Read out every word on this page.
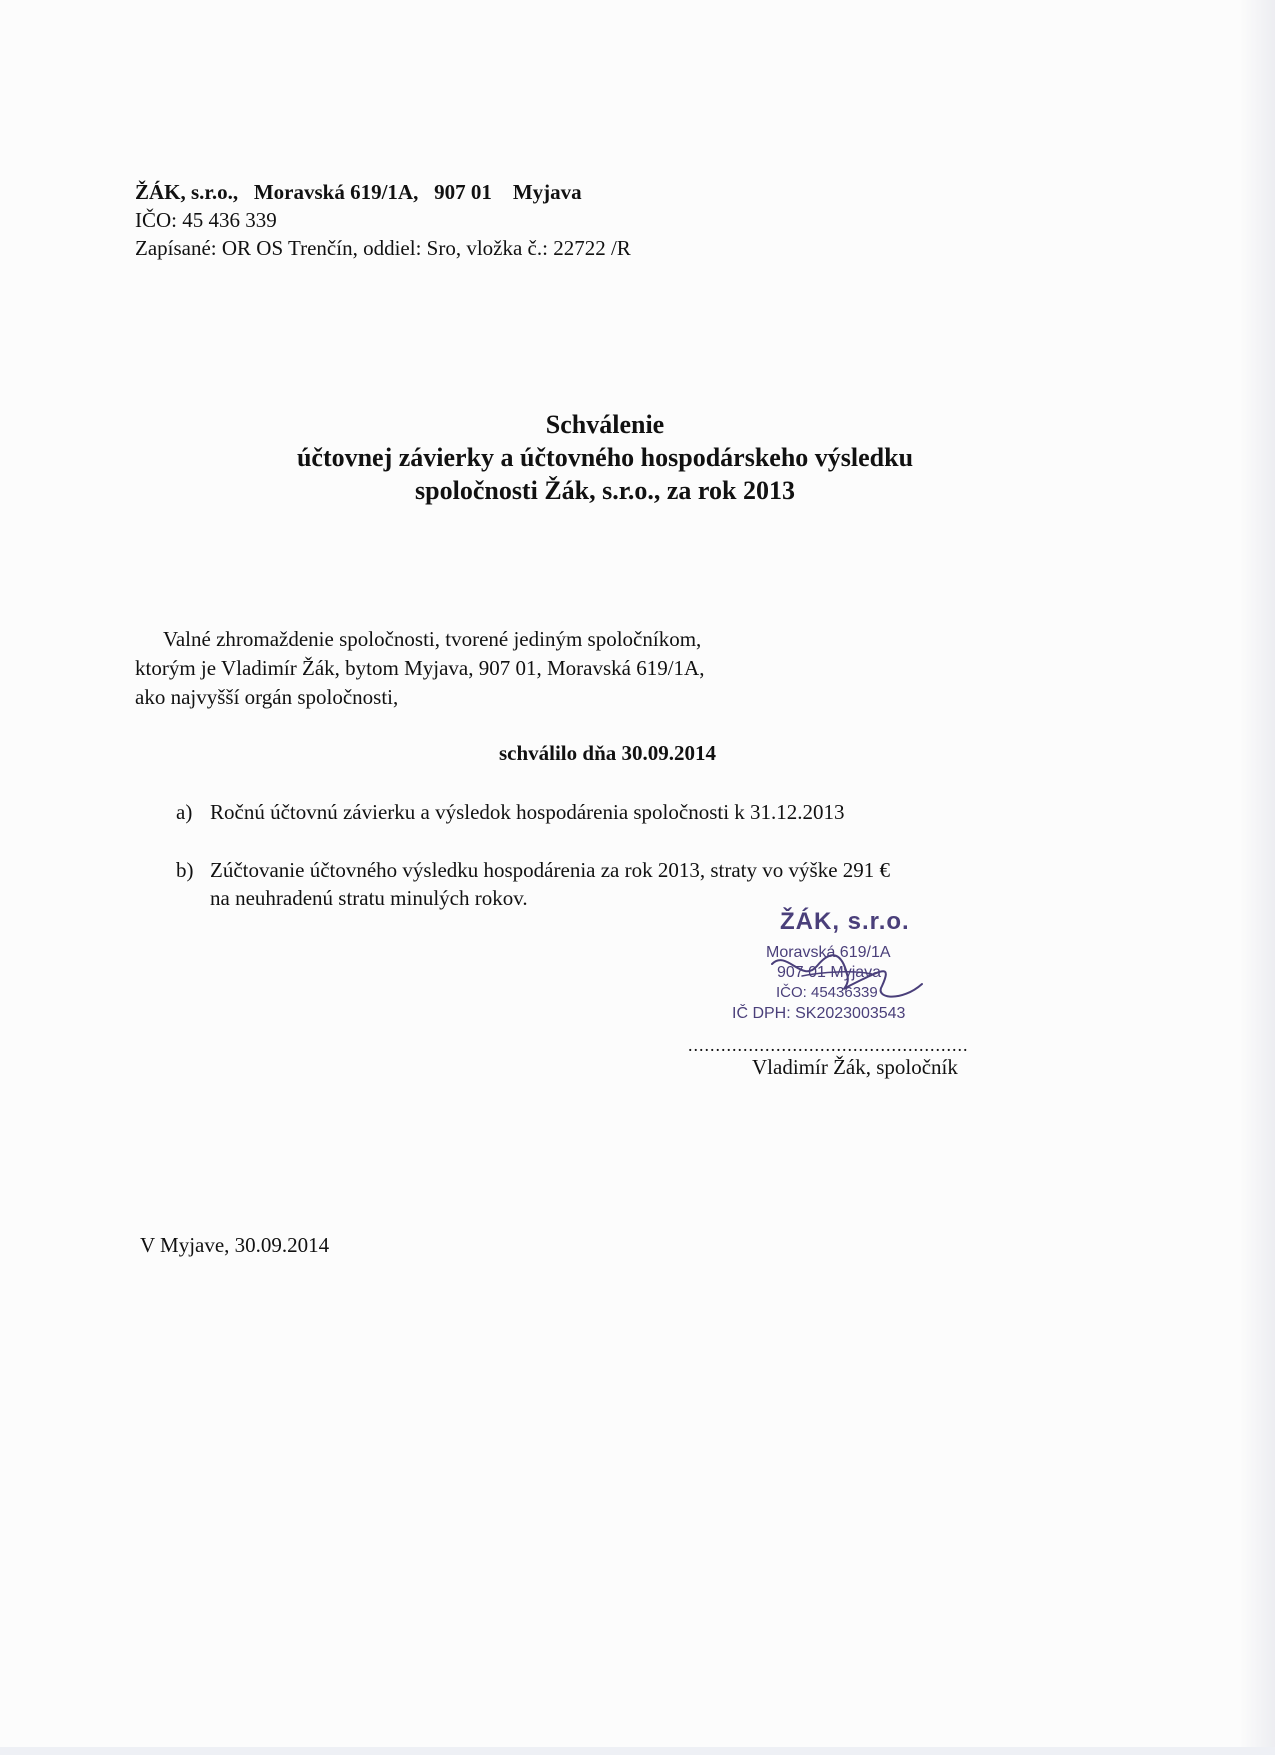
ŽÁK, s.r.o.,   Moravská 619/1A,   907 01    Myjava
IČO: 45 436 339
Zapísané: OR OS Trenčín, oddiel: Sro, vložka č.: 22722 /R
Schválenie
účtovnej závierky a účtovného hospodárskeho výsledku
spoločnosti Žák, s.r.o., za rok 2013
Valné zhromaždenie spoločnosti, tvorené jediným spoločníkom,
ktorým je Vladimír Žák, bytom Myjava, 907 01, Moravská 619/1A,
ako najvyšší orgán spoločnosti,
schválilo dňa 30.09.2014
a) Ročnú účtovnú závierku a výsledok hospodárenia spoločnosti k 31.12.2013
b) Zúčtovanie účtovného výsledku hospodárenia za rok 2013, straty vo výške 291 €
na neuhradenú stratu minulých rokov.
ŽÁK, s.r.o.
Moravská 619/1A
907 01 Myjava
IČO: 45436339
IČ DPH: SK2023003543
...................................................
Vladimír Žák, spoločník
V Myjave, 30.09.2014
